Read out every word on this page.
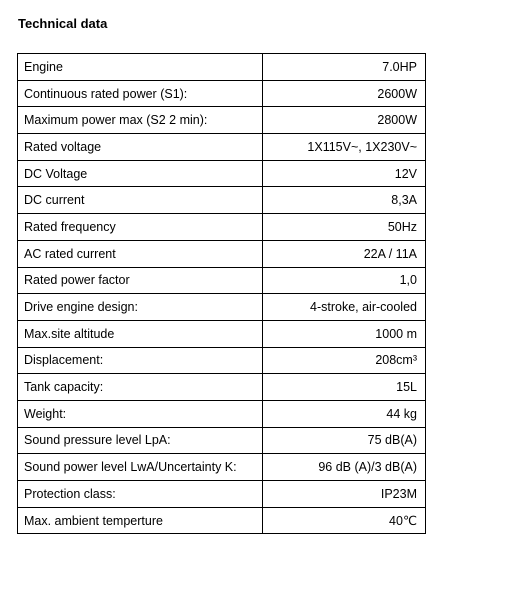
Technical data
Engine	7.0HP
Continuous rated power (S1):	2600W
Maximum power max (S2 2 min):	2800W
Rated voltage	1X115V~, 1X230V~
DC Voltage	12V
DC current	8,3A
Rated frequency	50Hz
AC rated current	22A / 11A
Rated power factor	1,0
Drive engine design:	4-stroke, air-cooled
Max.site altitude	1000 m
Displacement:	208cm³
Tank capacity:	15L
Weight:	44 kg
Sound pressure level LpA:	75 dB(A)
Sound power level LwA/Uncertainty K:	96 dB (A)/3 dB(A)
Protection class:	IP23M
Max. ambient temperture	40℃
